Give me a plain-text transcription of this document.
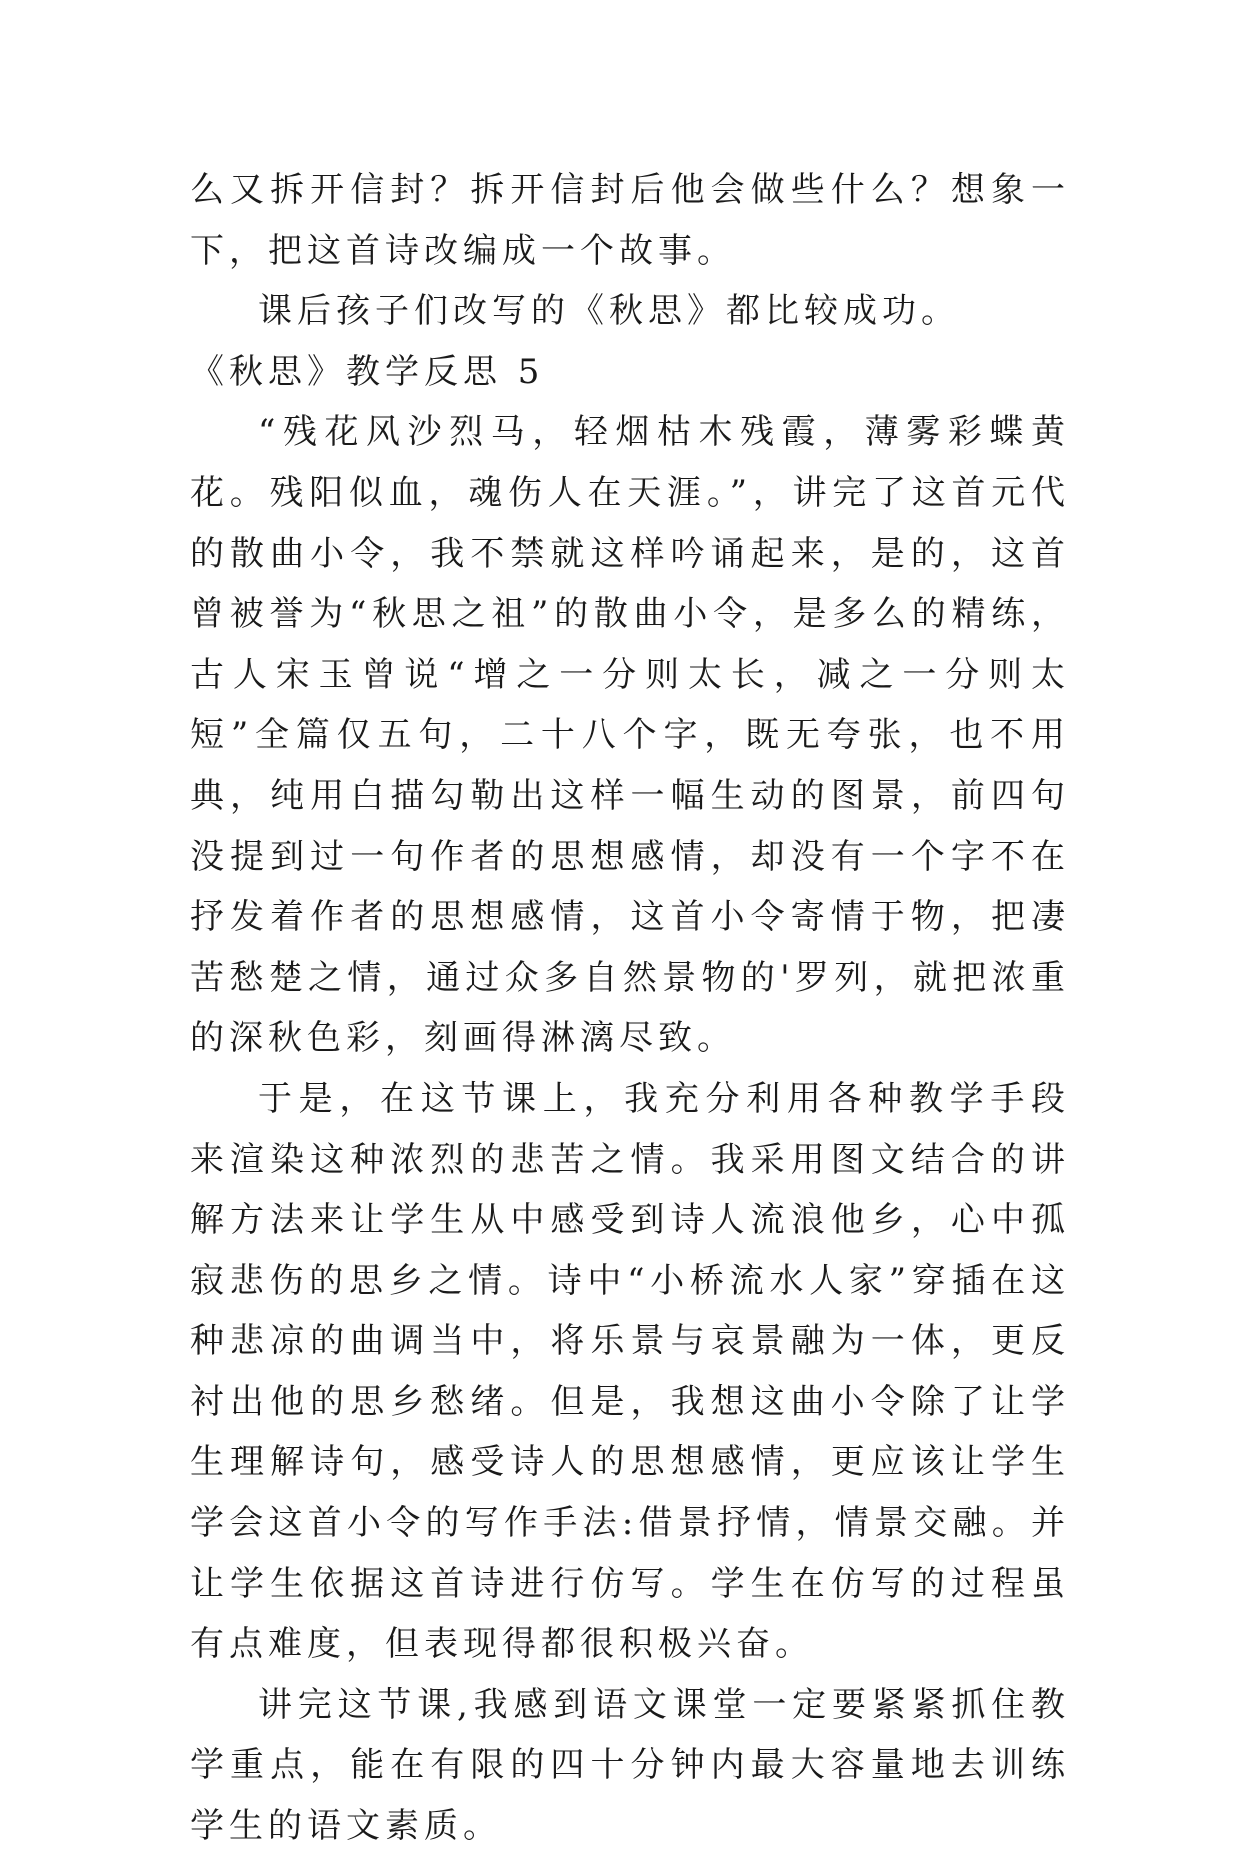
么又拆开信封？拆开信封后他会做些什么？想象一下，把这首诗改编成一个故事。

课后孩子们改写的《秋思》都比较成功。

《秋思》教学反思 5

“残花风沙烈马，轻烟枯木残霞，薄雾彩蝶黄花。残阳似血，魂伤人在天涯。”，讲完了这首元代的散曲小令，我不禁就这样吟诵起来，是的，这首曾被誉为“秋思之祖”的散曲小令，是多么的精练，古人宋玉曾说“增之一分则太长，减之一分则太短”全篇仅五句，二十八个字，既无夸张，也不用典，纯用白描勾勒出这样一幅生动的图景，前四句没提到过一句作者的思想感情，却没有一个字不在抒发着作者的思想感情，这首小令寄情于物，把凄苦愁楚之情，通过众多自然景物的'罗列，就把浓重的深秋色彩，刻画得淋漓尽致。

于是，在这节课上，我充分利用各种教学手段来渲染这种浓烈的悲苦之情。我采用图文结合的讲解方法来让学生从中感受到诗人流浪他乡，心中孤寂悲伤的思乡之情。诗中“小桥流水人家”穿插在这种悲凉的曲调当中，将乐景与哀景融为一体，更反衬出他的思乡愁绪。但是，我想这曲小令除了让学生理解诗句，感受诗人的思想感情，更应该让学生学会这首小令的写作手法:借景抒情，情景交融。并让学生依据这首诗进行仿写。学生在仿写的过程虽有点难度，但表现得都很积极兴奋。

讲完这节课,我感到语文课堂一定要紧紧抓住教学重点，能在有限的四十分钟内最大容量地去训练学生的语文素质。
